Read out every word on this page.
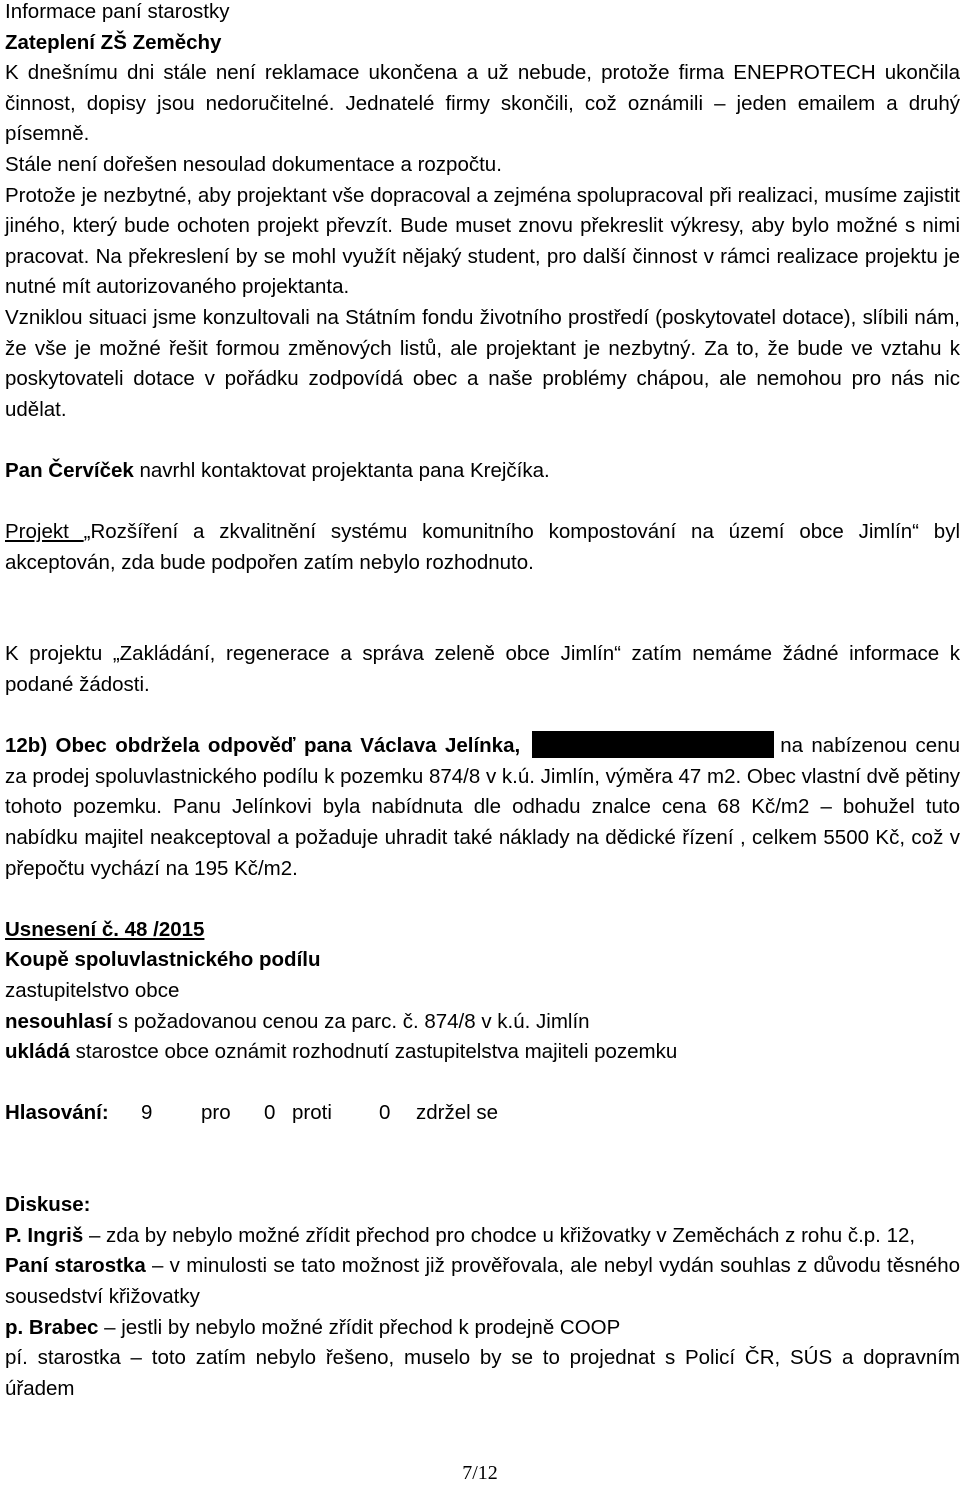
Informace paní starostky
Zateplení ZŠ Zeměchy

K dnešnímu dni stále není reklamace ukončena a už nebude, protože firma ENEPROTECH ukončila činnost, dopisy jsou nedoručitelné. Jednatelé firmy skončili, což oznámili – jeden emailem a druhý písemně.

Stále není dořešen nesoulad dokumentace a rozpočtu.

Protože je nezbytné, aby projektant vše dopracoval a zejména spolupracoval při realizaci, musíme zajistit jiného, který bude ochoten projekt převzít. Bude muset znovu překreslit výkresy, aby bylo možné s nimi pracovat. Na překreslení by se mohl využít nějaký student, pro další činnost v rámci realizace projektu je nutné mít autorizovaného projektanta.

Vzniklou situaci jsme konzultovali na Státním fondu životního prostředí (poskytovatel dotace), slíbili nám, že vše je možné řešit formou změnových listů, ale projektant je nezbytný. Za to, že bude ve vztahu k poskytovateli dotace v pořádku zodpovídá obec a naše problémy chápou, ale nemohou pro nás nic udělat.

Pan Červíček navrhl kontaktovat projektanta pana Krejčíka.

Projekt „Rozšíření a zkvalitnění systému komunitního kompostování na území obce Jimlín“ byl akceptován, zda bude podpořen zatím nebylo rozhodnuto.

K projektu „Zakládání, regenerace a správa zeleně obce Jimlín“ zatím nemáme žádné informace k podané žádosti.

12b) Obec obdržela odpověď pana Václava Jelínka,	na nabízenou cenu za prodej spoluvlastnického podílu k pozemku 874/8 v k.ú. Jimlín, výměra 47 m2. Obec vlastní dvě pětiny tohoto pozemku. Panu Jelínkovi byla nabídnuta dle odhadu znalce cena 68 Kč/m2 – bohužel tuto nabídku majitel neakceptoval a požaduje uhradit také náklady na dědické řízení , celkem 5500 Kč, což v přepočtu vychází na 195 Kč/m2.

Usnesení č. 48 /2015
Koupě spoluvlastnického podílu
zastupitelstvo obce
nesouhlasí s požadovanou cenou za parc. č. 874/8 v k.ú. Jimlín
ukládá starostce obce oznámit rozhodnutí zastupitelstva majiteli pozemku
Hlasování: 9 pro 0 proti 0 zdržel se
Diskuse:

P. Ingriš – zda by nebylo možné zřídit přechod pro chodce u křižovatky v Zeměchách z rohu č.p. 12,

Paní starostka – v minulosti se tato možnost již prověřovala, ale nebyl vydán souhlas z důvodu těsného sousedství křižovatky

p. Brabec – jestli by nebylo možné zřídit přechod k prodejně COOP

pí. starostka – toto zatím nebylo řešeno, muselo by se to projednat s Policí ČR, SÚS a dopravním úřadem

7/12
